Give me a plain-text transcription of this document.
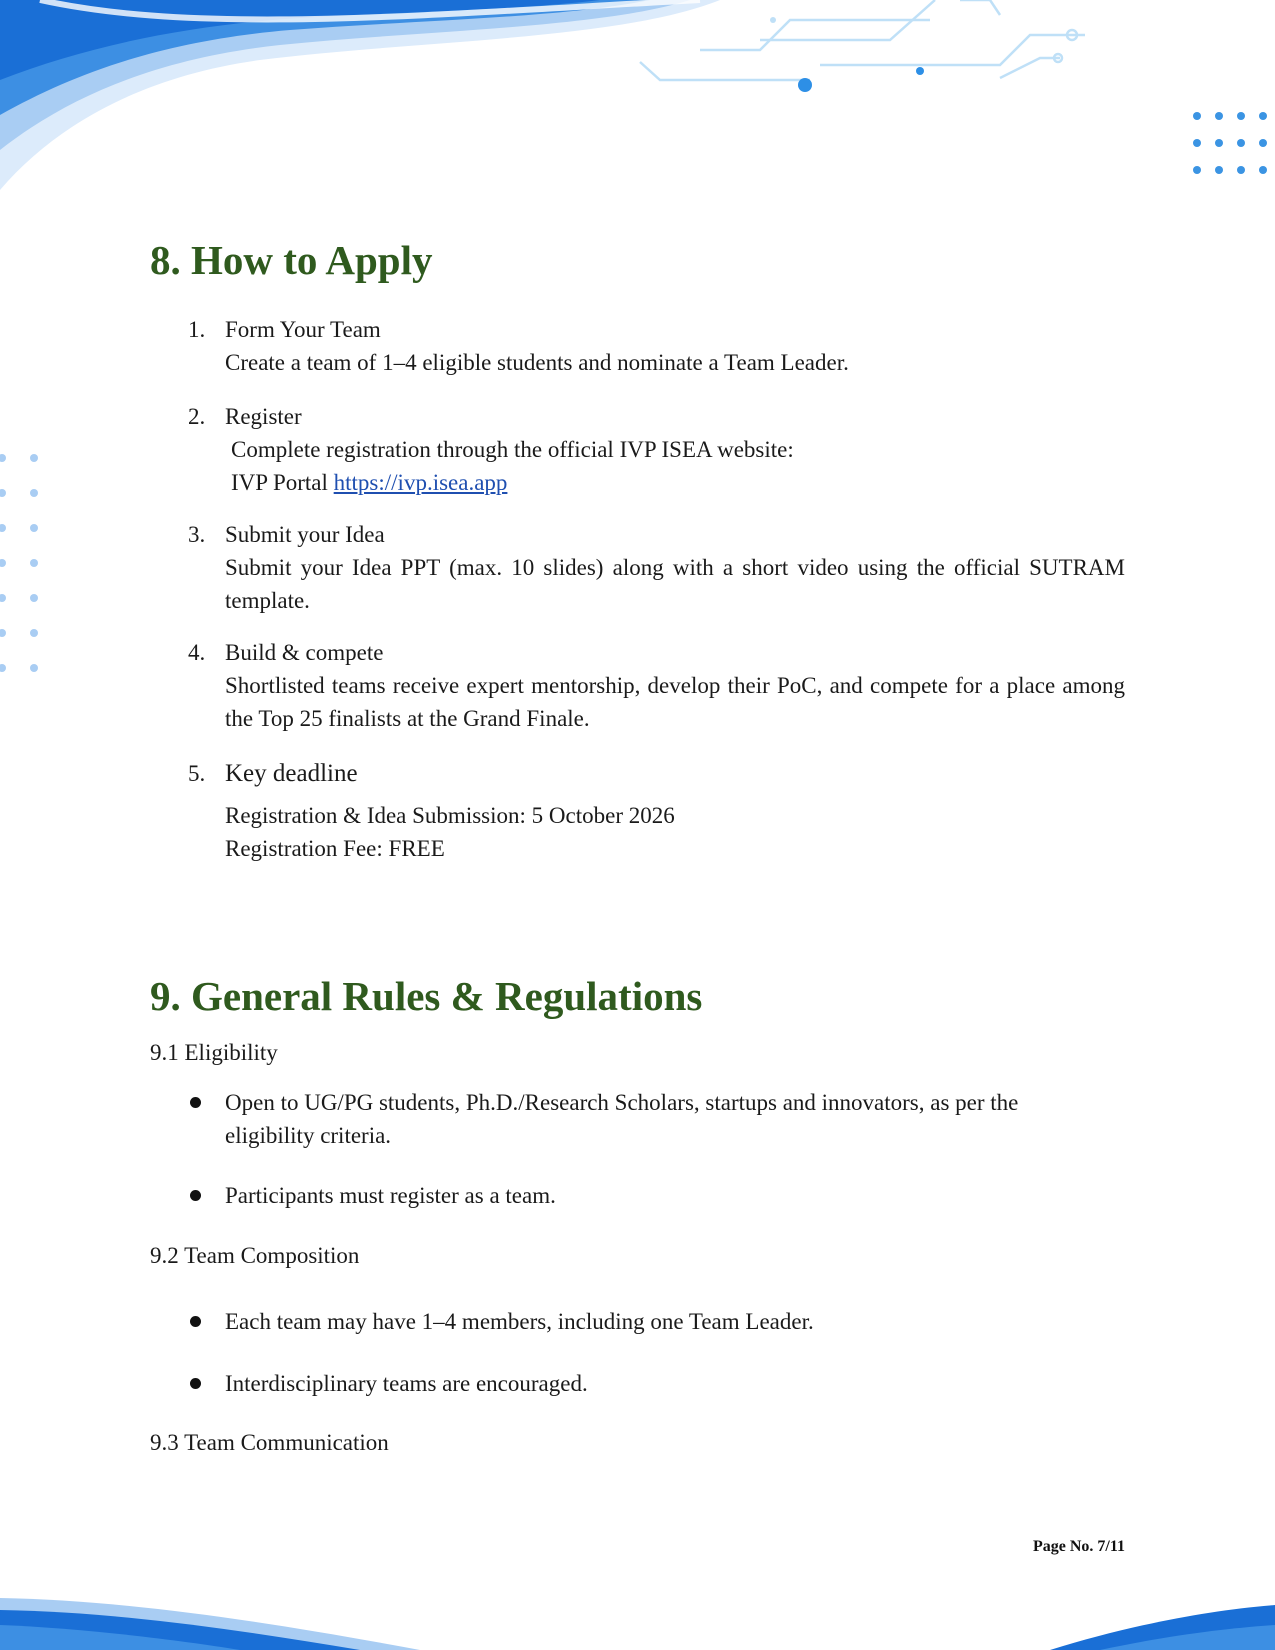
8. How to Apply
1. Form Your Team
Create a team of 1–4 eligible students and nominate a Team Leader.
2. Register
Complete registration through the official IVP ISEA website:
IVP Portal https://ivp.isea.app
3. Submit your Idea
Submit your Idea PPT (max. 10 slides) along with a short video using the official SUTRAM template.
4. Build & compete
Shortlisted teams receive expert mentorship, develop their PoC, and compete for a place among the Top 25 finalists at the Grand Finale.
5. Key deadline
Registration & Idea Submission: 5 October 2026
Registration Fee: FREE
9. General Rules & Regulations
9.1 Eligibility
Open to UG/PG students, Ph.D./Research Scholars, startups and innovators, as per the eligibility criteria.
Participants must register as a team.
9.2 Team Composition
Each team may have 1–4 members, including one Team Leader.
Interdisciplinary teams are encouraged.
9.3 Team Communication
Page No. 7/11
